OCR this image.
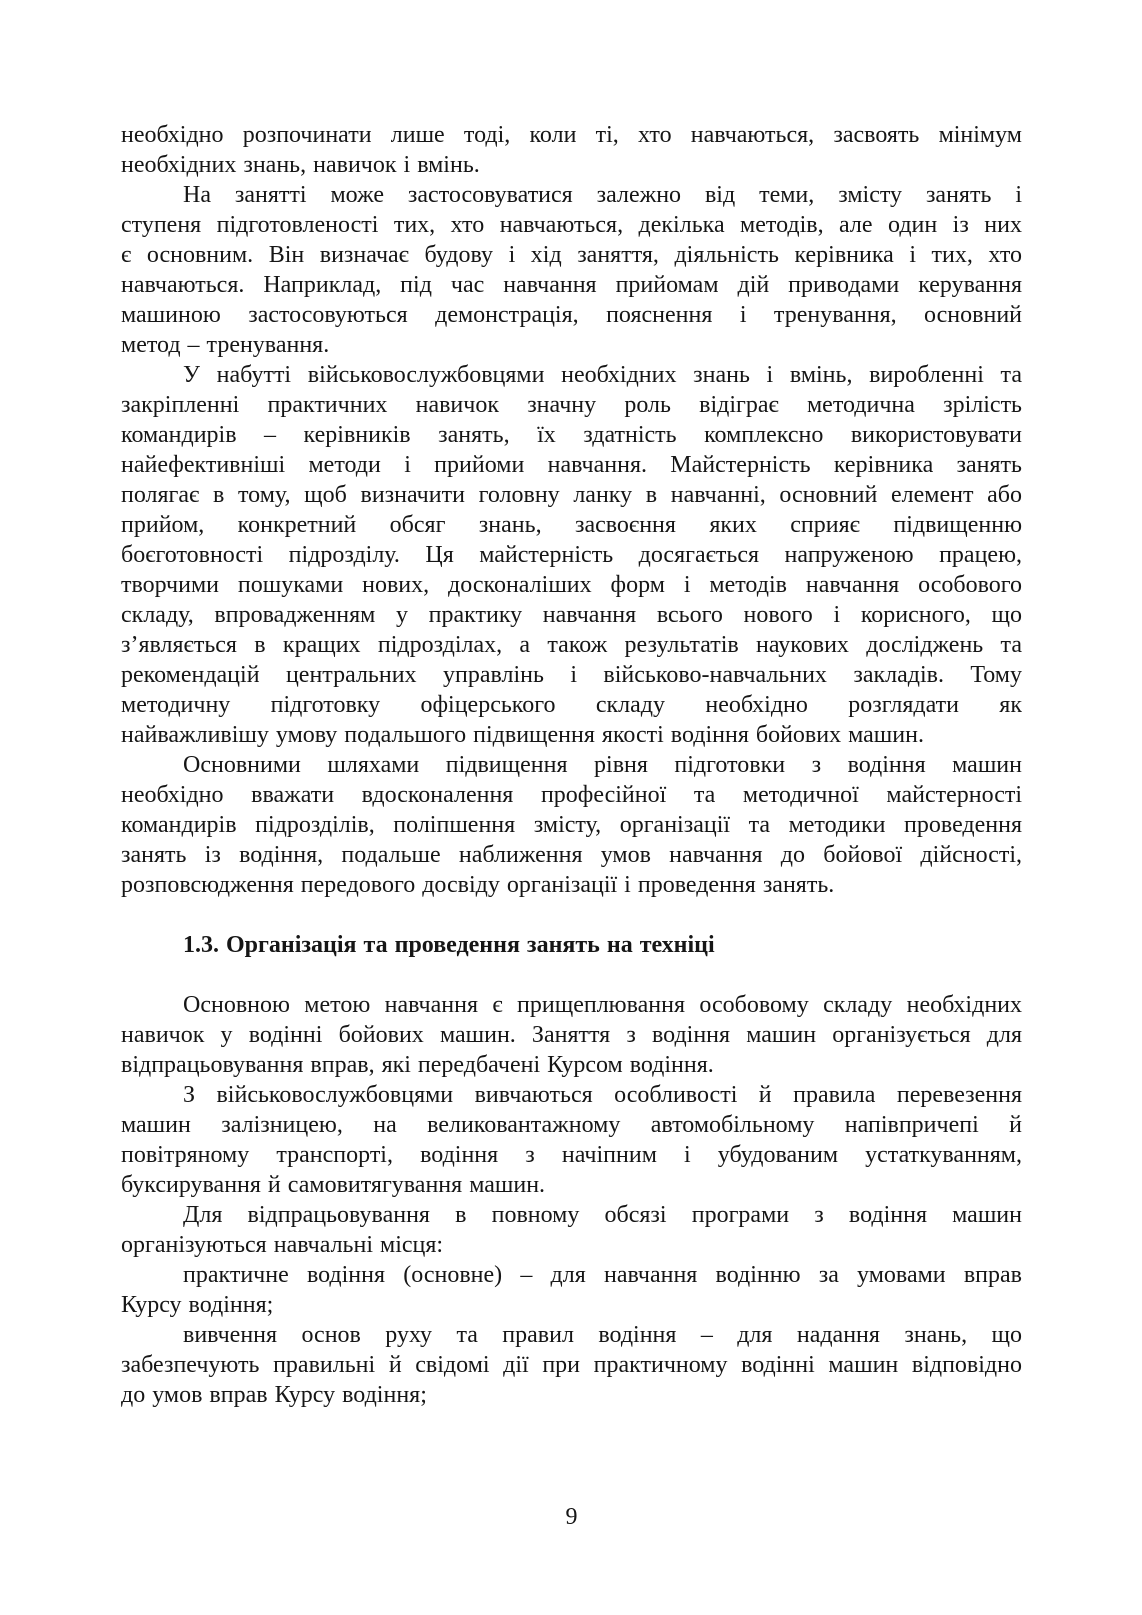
необхідно розпочинати лише тоді, коли ті, хто навчаються, засвоять мінімум
необхідних знань, навичок і вмінь.
На занятті може застосовуватися залежно від теми, змісту занять і
ступеня підготовленості тих, хто навчаються, декілька методів, але один із них
є основним. Він визначає будову і хід заняття, діяльність керівника і тих, хто
навчаються. Наприклад, під час навчання прийомам дій приводами керування
машиною застосовуються демонстрація, пояснення і тренування, основний
метод – тренування.
У набутті військовослужбовцями необхідних знань і вмінь, виробленні та
закріпленні практичних навичок значну роль відіграє методична зрілість
командирів – керівників занять, їх здатність комплексно використовувати
найефективніші методи і прийоми навчання. Майстерність керівника занять
полягає в тому, щоб визначити головну ланку в навчанні, основний елемент або
прийом, конкретний обсяг знань, засвоєння яких сприяє підвищенню
боєготовності підрозділу. Ця майстерність досягається напруженою працею,
творчими пошуками нових, досконаліших форм і методів навчання особового
складу, впровадженням у практику навчання всього нового і корисного, що
з’являється в кращих підрозділах, а також результатів наукових досліджень та
рекомендацій центральних управлінь і військово-навчальних закладів. Тому
методичну підготовку офіцерського складу необхідно розглядати як
найважливішу умову подальшого підвищення якості водіння бойових машин.
Основними шляхами підвищення рівня підготовки з водіння машин
необхідно вважати вдосконалення професійної та методичної майстерності
командирів підрозділів, поліпшення змісту, організації та методики проведення
занять із водіння, подальше наближення умов навчання до бойової дійсності,
розповсюдження передового досвіду організації і проведення занять.
1.3. Організація та проведення занять на техніці
Основною метою навчання є прищеплювання особовому складу необхідних
навичок у водінні бойових машин. Заняття з водіння машин організується для
відпрацьовування вправ, які передбачені Курсом водіння.
З військовослужбовцями вивчаються особливості й правила перевезення
машин залізницею, на великовантажному автомобільному напівпричепі й
повітряному транспорті, водіння з начіпним і убудованим устаткуванням,
буксирування й самовитягування машин.
Для відпрацьовування в повному обсязі програми з водіння машин
організуються навчальні місця:
практичне водіння (основне) – для навчання водінню за умовами вправ
Курсу водіння;
вивчення основ руху та правил водіння – для надання знань, що
забезпечують правильні й свідомі дії при практичному водінні машин відповідно
до умов вправ Курсу водіння;
9
